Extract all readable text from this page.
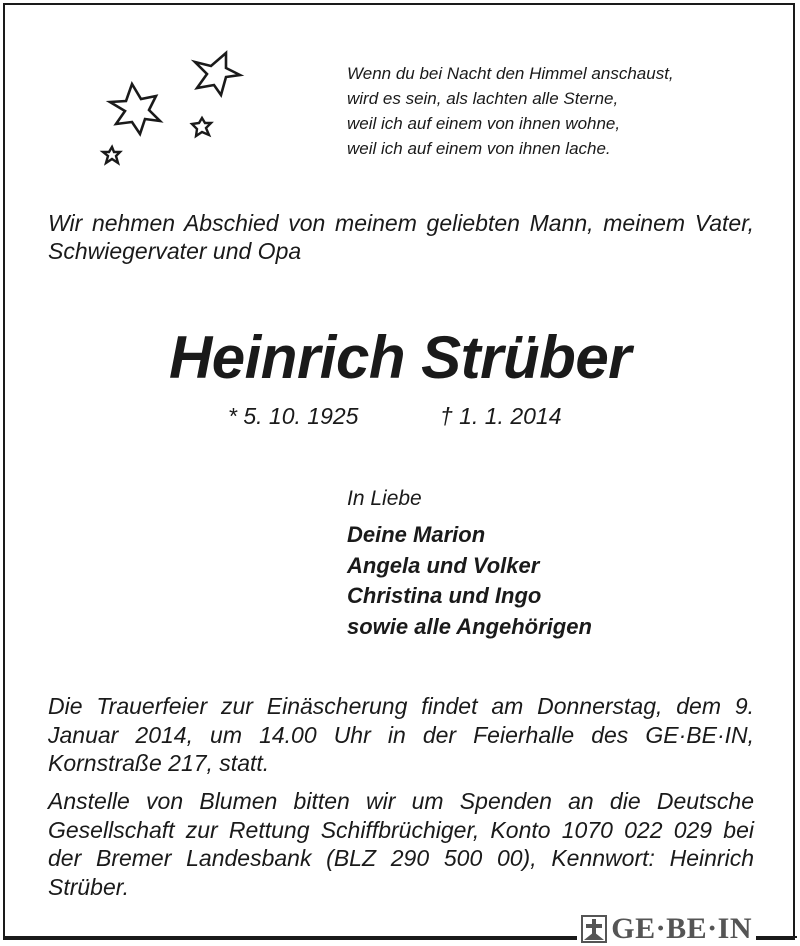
Wenn du bei Nacht den Himmel anschaust,
wird es sein, als lachten alle Sterne,
weil ich auf einem von ihnen wohne,
weil ich auf einem von ihnen lache.
Wir nehmen Abschied von meinem geliebten Mann, meinem Vater, Schwiegervater und Opa
Heinrich Strüber
* 5. 10. 1925	† 1. 1. 2014
In Liebe
Deine Marion
Angela und Volker
Christina und Ingo
sowie alle Angehörigen
Die Trauerfeier zur Einäscherung findet am Donnerstag, dem 9. Januar 2014, um 14.00 Uhr in der Feierhalle des GE·BE·IN, Kornstraße 217, statt.
Anstelle von Blumen bitten wir um Spenden an die Deutsche Gesellschaft zur Rettung Schiffbrüchiger, Konto 1070 022 029 bei der Bremer Landesbank (BLZ 290 500 00), Kennwort: Heinrich Strüber.
GE·BE·IN
